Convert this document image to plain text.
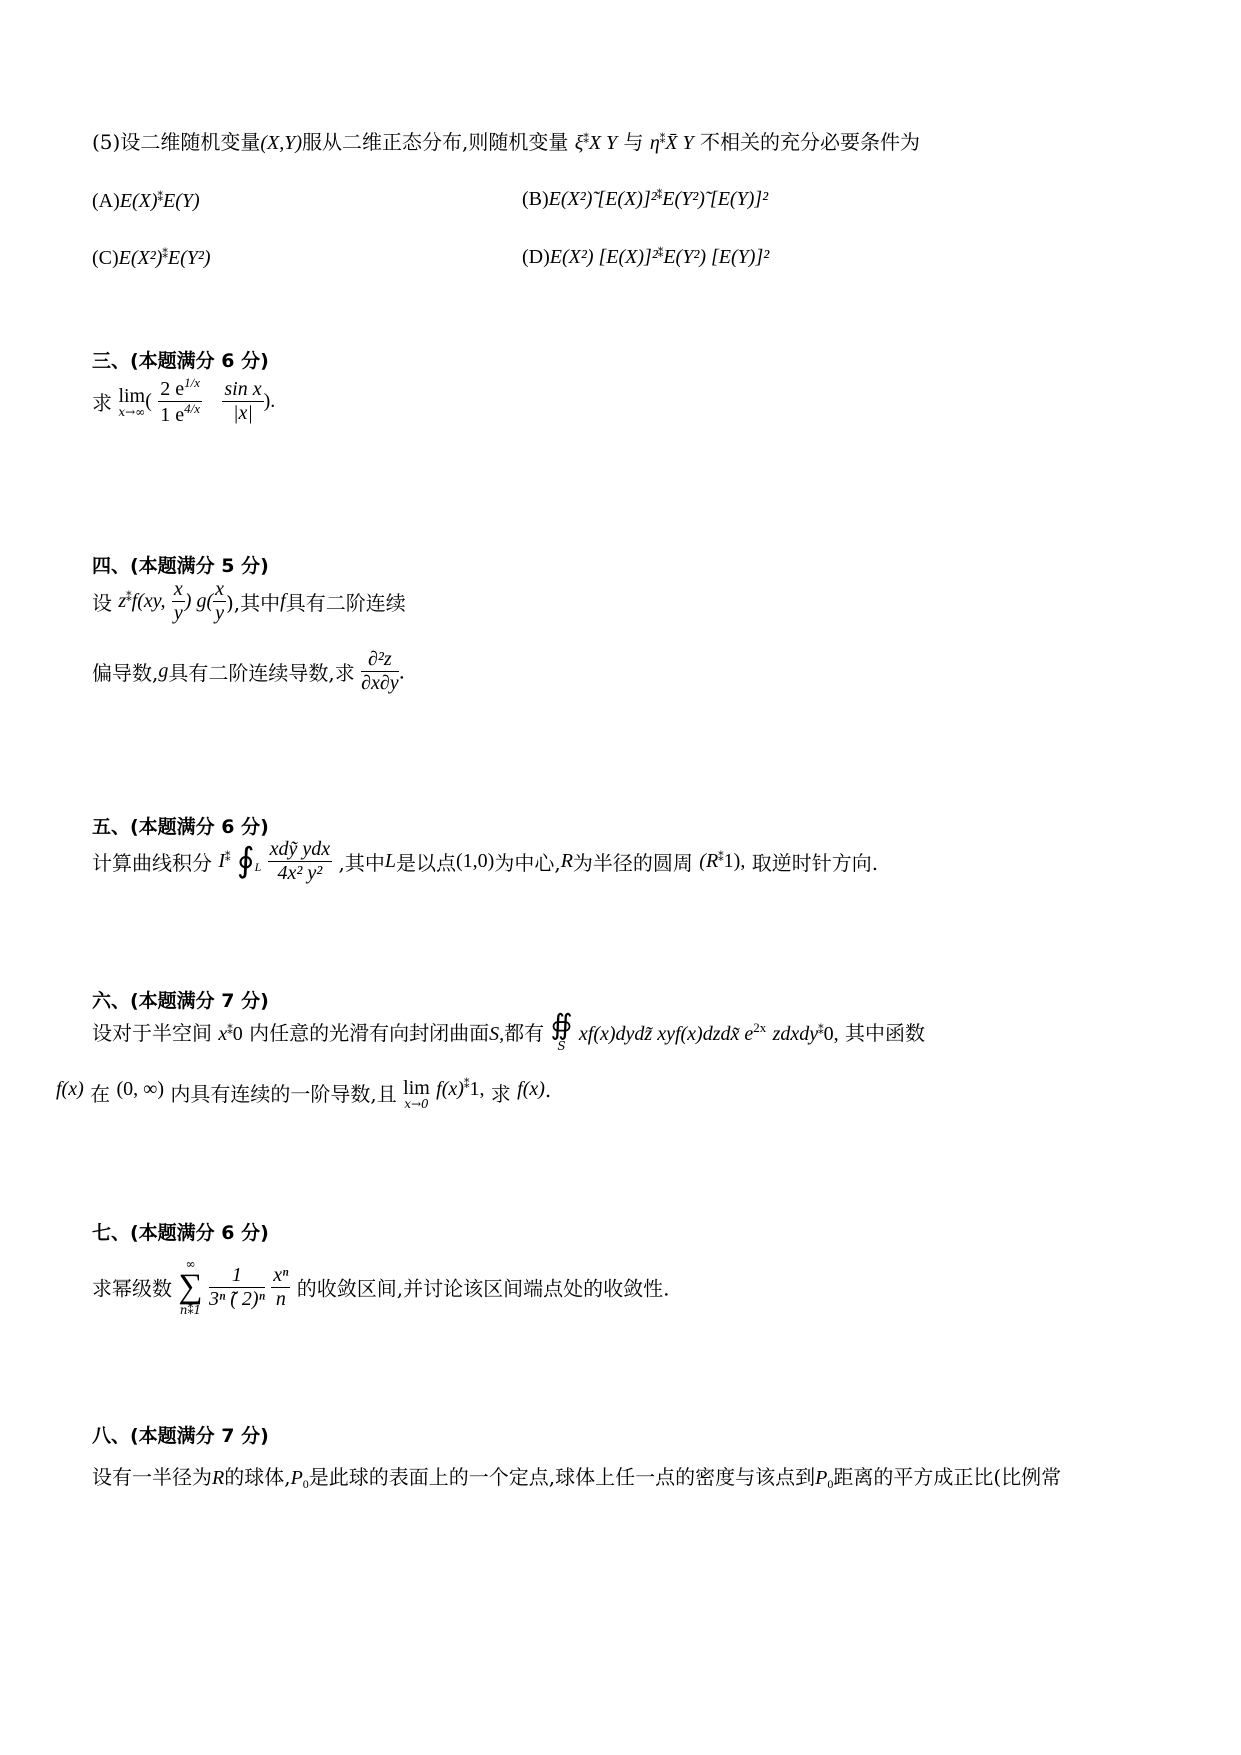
(5)设二维随机变量(X,Y)服从二维正态分布,则随机变量 ξ⁑X Y 与 η⁑X̄ Y 不相关的充分必要条件为
(A)E(X)⁑E(Y)	(B)E(X²)̃ [E(X)]²⁑E(Y²)̃ [E(Y)]²
(C)E(X²)⁑E(Y²)	(D)E(X²) [E(X)]²⁑E(Y²) [E(Y)]²
三、(本题满分 6 分)
求 lim
x→∞ ( $\frac{2 e^{1/x}}{1 e^{4/x}}$
$\frac{\text{sin x}}{|x|}$ ).
四、(本题满分 5 分)
设 z⁑f(xy, $\frac{x}{y}$ ) $g( \frac{x}{y}$ ),其中f具有二阶连续
偏导数,g具有二阶连续导数,求 $\frac{\text{∂²z}}{\partial x\partial y}$ .
五、(本题满分 6 分)
计算曲线积分 I⁑ $∮_L \frac{\text{xdỹ ydx}}{\text{4x² y²}}$ ,其中L是以点(1,0)为中心,R为半径的圆周 (R⁑1), 取逆时针方向.
六、(本题满分 7 分)
设对于半空间 x⁑0 内任意的光滑有向封闭曲面S,都有 ∯
S
xf(x)dydz̃ xyf(x)dzdx̃ $e^{2x}$ zdxdy⁑0, 其中函数
f(x) 在 (0, ∞) 内具有连续的一阶导数,且 lim
x→0
f(x)⁑1, 求 f(x).
七、(本题满分 6 分)
求幂级数
∞
∑
n⁑1
$\frac{1}{\text{3ⁿ ̃( 2)ⁿ}}$
$\frac{\text{xⁿ}}{n}$ 的收敛区间,并讨论该区间端点处的收敛性.
八、(本题满分 7 分)
设有一半径为R的球体$,P_0$是此球的表面上的一个定点,球体上任一点的密度与该点到$P_0$距离的平方成正比(比例常
